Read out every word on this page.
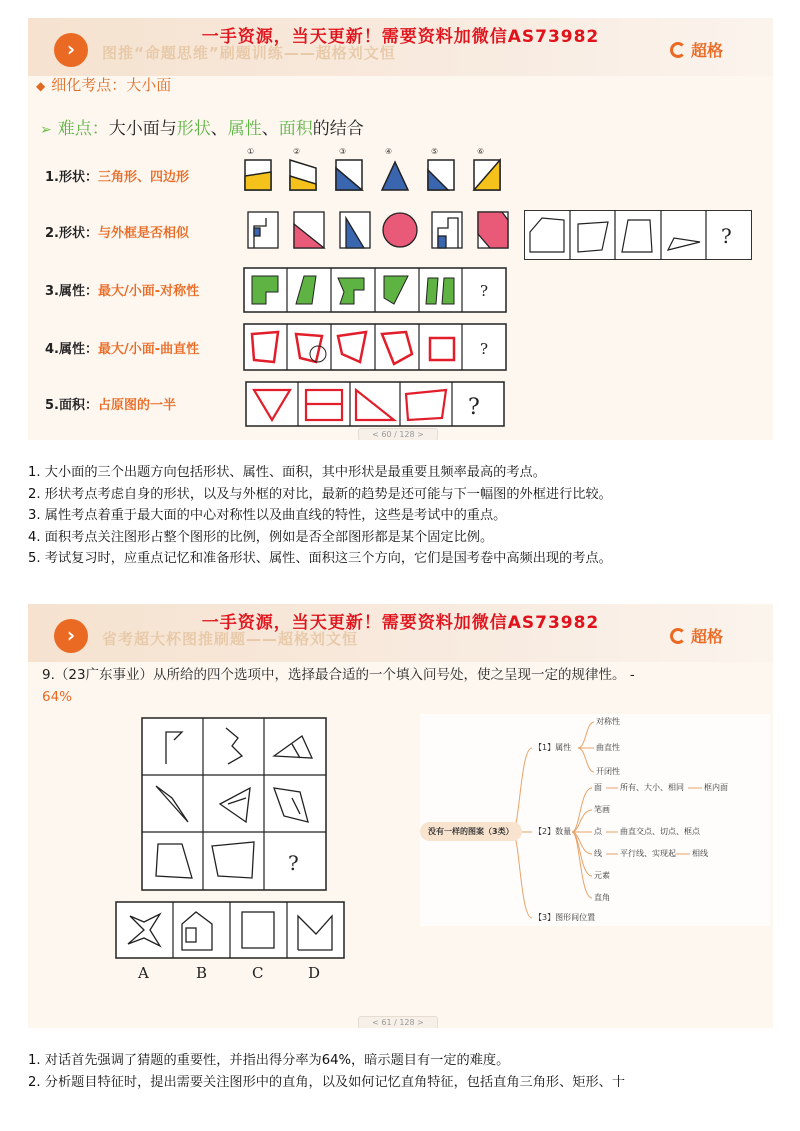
›	图推“命题思维”刷题训练——超格刘文恒	超格
一手资源，当天更新！需要资料加微信AS73982
◆ 细化考点：大小面
➢ 难点：大小面与形状、属性、面积的结合
1.形状：三角形、四边形
2.形状：与外框是否相似
3.属性：最大/小面-对称性
4.属性：最大/小面-曲直性
5.面积：占原图的一半
①	②	③	④	⑤	⑥
?
?
?
?
< 60 / 128 >
1. 大小面的三个出题方向包括形状、属性、面积，其中形状是最重要且频率最高的考点。
2. 形状考点考虑自身的形状，以及与外框的对比，最新的趋势是还可能与下一幅图的外框进行比较。
3. 属性考点着重于最大面的中心对称性以及曲直线的特性，这些是考试中的重点。
4. 面积考点关注图形占整个图形的比例，例如是否全部图形都是某个固定比例。
5. 考试复习时，应重点记忆和准备形状、属性、面积这三个方向，它们是国考卷中高频出现的考点。
›	省考超大杯图推刷题——超格刘文恒	超格
一手资源，当天更新！需要资料加微信AS73982
9.（23广东事业）从所给的四个选项中，选择最合适的一个填入问号处，使之呈现一定的规律性。 -
64%
?
A	B	C	D
没有一样的图案（3类）
【1】属性
对称性
曲直性
开闭性
【2】数量
面 所有、大小、相同	框内面
笔画
点 曲直交点、切点、框点
线 平行线、实现起 相线
元素
直角
【3】图形间位置
< 61 / 128 >
1. 对话首先强调了猜题的重要性，并指出得分率为64%，暗示题目有一定的难度。
2. 分析题目特征时，提出需要关注图形中的直角，以及如何记忆直角特征，包括直角三角形、矩形、十
